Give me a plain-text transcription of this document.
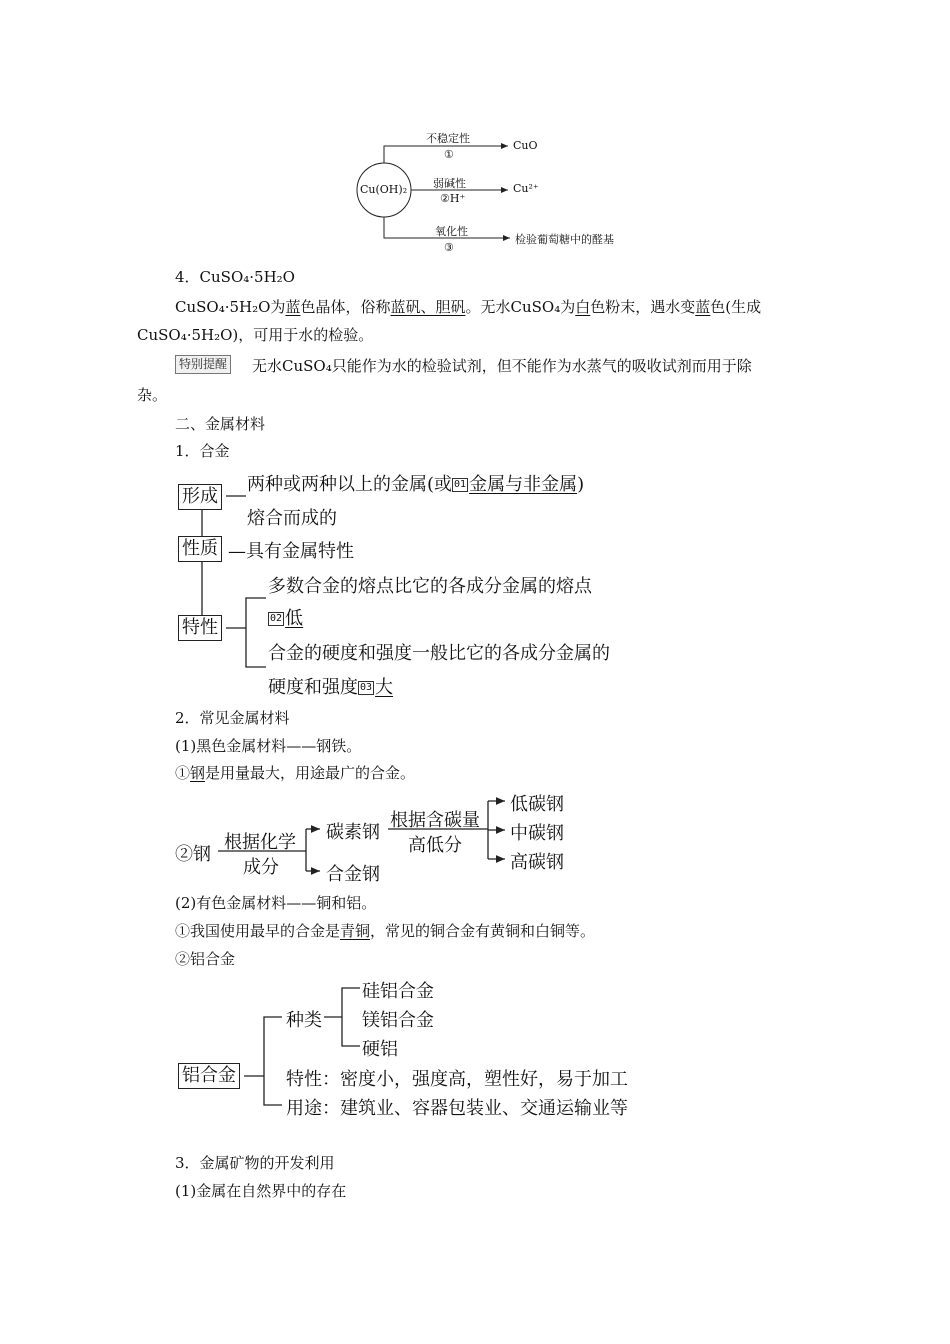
Cu(OH)₂
不稳定性
①
CuO
弱碱性
②H⁺
Cu²⁺
氧化性
③
检验葡萄糖中的醛基
4．CuSO₄·5H₂O
CuSO₄·5H₂O为蓝色晶体，俗称蓝矾、胆矾。无水CuSO₄为白色粉末，遇水变蓝色(生成
CuSO₄·5H₂O)，可用于水的检验。
特别提醒 无水CuSO₄只能作为水的检验试剂，但不能作为水蒸气的吸收试剂而用于除
杂。
二、金属材料
1．合金
形成
两种或两种以上的金属(或 01 金属与非金属)
熔合而成的
性质 —具有金属特性
特性
多数合金的熔点比它的各成分金属的熔点
02 低
合金的硬度和强度一般比它的各成分金属的
硬度和强度 03 大
2．常见金属材料
(1)黑色金属材料——钢铁。
①钢是用量最大，用途最广的合金。
②钢
根据化学
成分
碳素钢
根据含碳量
高低分
低碳钢
中碳钢
高碳钢
合金钢
(2)有色金属材料——铜和铝。
①我国使用最早的合金是青铜，常见的铜合金有黄铜和白铜等。
②铝合金
铝合金
种类
硅铝合金
镁铝合金
硬铝
特性：密度小，强度高，塑性好，易于加工
用途：建筑业、容器包装业、交通运输业等
3．金属矿物的开发利用
(1)金属在自然界中的存在
